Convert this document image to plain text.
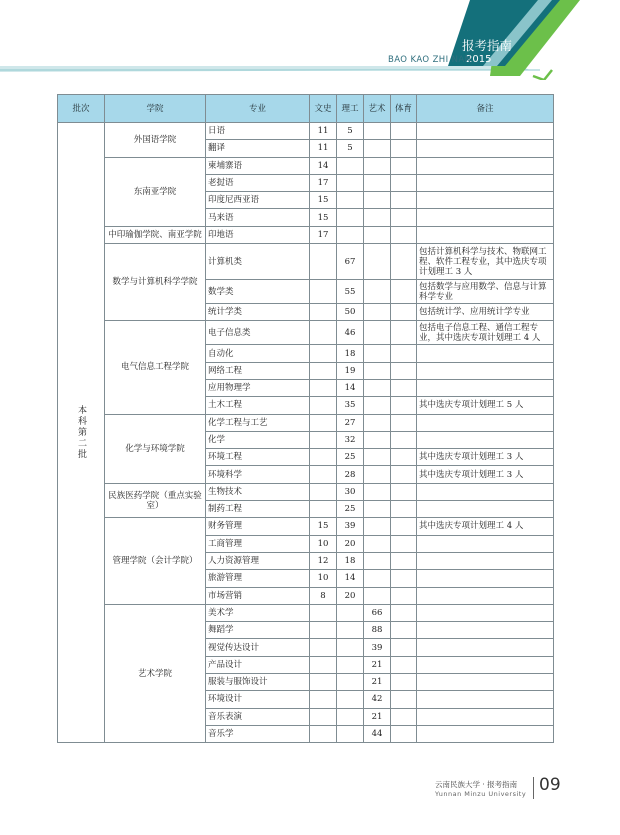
报考指南
2015
BAO KAO ZHI NAN
批次	学院	专业	文史	理工	艺术	体育	备注

本科第二批	外国语学院	日语	11	5			
		翻译	11	5			
	东南亚学院	柬埔寨语	14				
		老挝语	17				
		印度尼西亚语	15				
		马来语	15				
	中印瑜伽学院、南亚学院	印地语	17				
	数学与计算机科学学院	计算机类		67			包括计算机科学与技术、物联网工程、软件工程专业，其中选庆专项计划理工 3 人
		数学类		55			包括数学与应用数学、信息与计算科学专业
		统计学类		50			包括统计学、应用统计学专业
	电气信息工程学院	电子信息类		46			包括电子信息工程、通信工程专业，其中选庆专项计划理工 4 人
		自动化		18			
		网络工程		19			
		应用物理学		14			
		土木工程		35			其中选庆专项计划理工 5 人
	化学与环境学院	化学工程与工艺		27			
		化学		32			
		环境工程		25			其中选庆专项计划理工 3 人
		环境科学		28			其中选庆专项计划理工 3 人
	民族医药学院（重点实验室）	生物技术		30			
		制药工程		25			
	管理学院（会计学院）	财务管理	15	39			其中选庆专项计划理工 4 人
		工商管理	10	20			
		人力资源管理	12	18			
		旅游管理	10	14			
		市场营销	8	20			
	艺术学院	美术学			66		
		舞蹈学			88		
		视觉传达设计			39		
		产品设计			21		
		服装与服饰设计			21		
		环境设计			42		
		音乐表演			21		
		音乐学			44		
云南民族大学 · 报考指南
Yunnan Minzu University 09
